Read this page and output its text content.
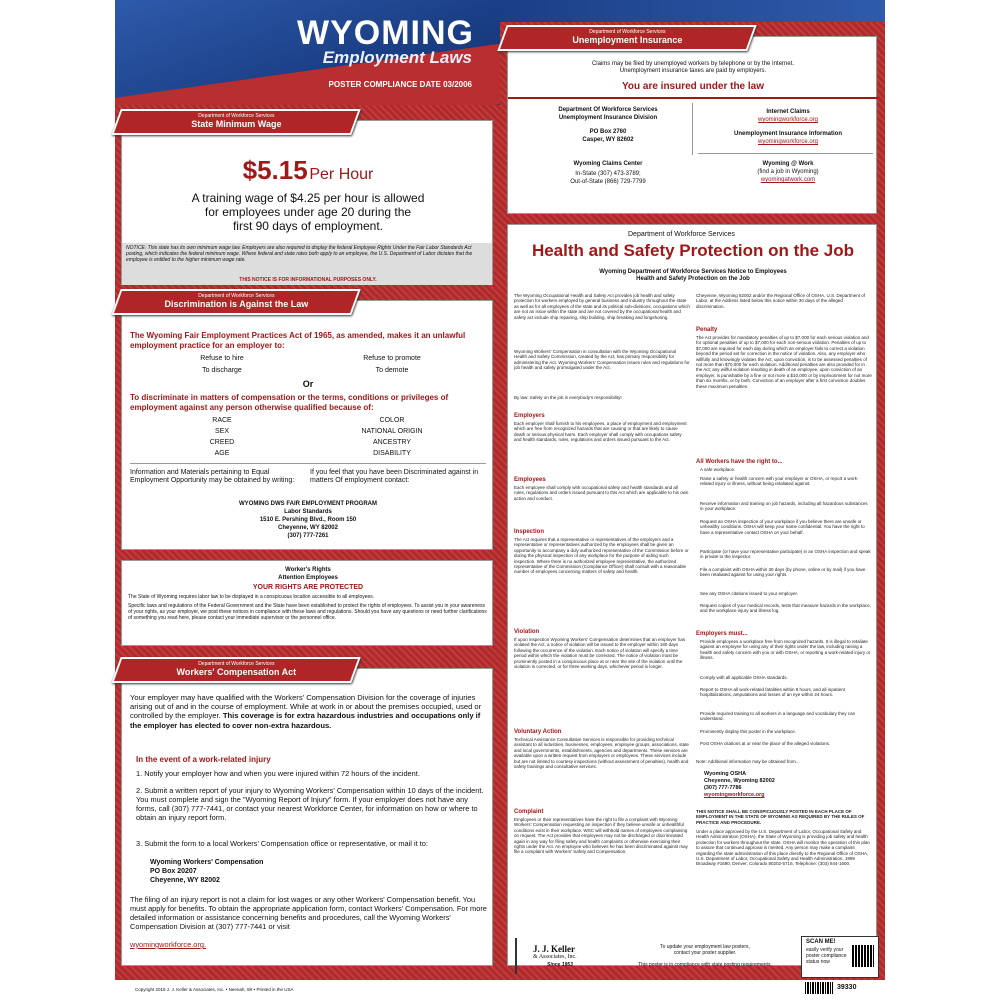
WYOMING
Employment Laws
POSTER COMPLIANCE DATE 03/2006
Department of Workforce Services
Unemployment Insurance
Claims may be filed by unemployed workers by telephone or by the Internet.
Unemployment insurance taxes are paid by employers.
You are insured under the law
Department Of Workforce Services
Unemployment Insurance Division
PO Box 2760
Casper, WY 82602
Wyoming Claims Center
In-State (307) 473-3789;
Out-of-State (866) 729-7799
Internet Claims
wyomingworkforce.org
Unemployment Insurance Information
wyomingworkforce.org
Wyoming @ Work
(find a job in Wyoming)
wyomingatwork.com
Department of Workforce Services
State Minimum Wage
$5.15 Per Hour
A training wage of $4.25 per hour is allowed
for employees under age 20 during the
first 90 days of employment.
NOTICE: This state has its own minimum wage law. Employers are also required to display the federal Employee Rights Under the Fair Labor Standards Act posting, which indicates the federal minimum wage. Where federal and state rates both apply to an employee, the U.S. Department of Labor dictates that the employee is entitled to the higher minimum wage rate.
THIS NOTICE IS FOR INFORMATIONAL PURPOSES ONLY.
Department of Workforce Services
Discrimination is Against the Law
The Wyoming Fair Employment Practices Act of 1965, as amended, makes it an unlawful employment practice for an employer to:
Refuse to hire	Refuse to promote
To discharge	To demote
Or
To discriminate in matters of compensation or the terms, conditions or privileges of employment against any person otherwise qualified because of:
RACE	COLOR
SEX	NATIONAL ORIGIN
CREED	ANCESTRY
AGE	DISABILITY
Information and Materials pertaining to Equal Employment Opportunity may be obtained by writing:
If you feel that you have been Discriminated against in matters Of employment contact:
WYOMING DWS FAIR EMPLOYMENT PROGRAM
Labor Standards
1510 E. Pershing Blvd., Room 150
Cheyenne, WY 82002
(307) 777-7261
Worker's Rights
Attention Employees
YOUR RIGHTS ARE PROTECTED
The State of Wyoming requires labor law to be displayed in a conspicuous location accessible to all employees.
Specific laws and regulations of the Federal Government and the State have been established to protect the rights of employees. To assist you in your awareness of your rights, as your employer, we post these notices in compliance with these laws and regulations. Should you have any questions or need further clarifications of something you read here, please contact your immediate supervisor or the personnel office.
Department of Workforce Services
Workers' Compensation Act
Your employer may have qualified with the Workers' Compensation Division for the coverage of injuries arising out of and in the course of employment. While at work in or about the premises occupied, used or controlled by the employer. This coverage is for extra hazardous industries and occupations only if the employer has elected to cover non-extra hazardous.
In the event of a work-related injury
1. Notify your employer how and when you were injured within 72 hours of the incident.
2. Submit a written report of your injury to Wyoming Workers' Compensation within 10 days of the incident. You must complete and sign the "Wyoming Report of Injury" form. If your employer does not have any forms, call (307) 777-7441, or contact your nearest Workforce Center, for information on how or where to obtain an injury report form.
3. Submit the form to a local Workers' Compensation office or representative, or mail it to:
Wyoming Workers' Compensation
PO Box 20207
Cheyenne, WY 82002
The filing of an injury report is not a claim for lost wages or any other Workers' Compensation benefit. You must apply for benefits. To obtain the appropriate application form, contact Workers' Compensation. For more detailed information or assistance concerning benefits and procedures, call the Wyoming Workers' Compensation Division at (307) 777-7441 or visit
wyomingworkforce.org.
Department of Workforce Services
Health and Safety Protection on the Job
Wyoming Department of Workforce Services Notice to Employees
Health and Safety Protection on the Job
The Wyoming Occupational Health and Safety Act provides job health and safety protection for workers employed by general business and industry throughout the state as well as for all employees of the state and its political sub-divisions, occupations which are not an issue within the state and are not covered by the occupational health and safety act include ship repairing, ship building, ship breaking and longshoring.
Wyoming Workers' Compensation in consultation with the Wyoming Occupational Health and Safety Commission, created by the Act, has primary responsibility for administering the Act. Wyoming Workers' Compensation issues rules and regulations for job health and safety promulgated under the Act.
By law: Safety on the job is everybody's responsibility!
Employers
Each employer shall furnish to his employees, a place of employment and employment which are free from recognized hazards that are causing or that are likely to cause death or serious physical harm. Each employer shall comply with occupations safety and health standards, rules, regulations and orders issued pursuant to the Act.
Employees
Each employee shall comply with occupational safety and health standards and all rules, regulations and orders issued pursuant to this Act which are applicable to his own action and conduct.
Inspection
The Act requires that a representative or representatives of the employers and a representative or representatives authorized by the employees shall be given an opportunity to accompany a duly authorized representative of the Commission before or during the physical inspection of any workplace for the purpose of aiding such inspection. Where there is no authorized employee representative, the authorized representative of the Commission (Compliance Officer) shall consult with a reasonable number of employees concerning matters of safety and health.
Violation
If upon inspection Wyoming Workers' Compensation determines that an employer has violated the Act, a notice of violation will be issued to the employer within 180 days following the occurrence of the violation. Each notice of violation will specify a time period within which the violation must be corrected. The notice of violation must be prominently posted in a conspicuous place at or near the site of the violation until the violation is corrected, or for three working days, whichever period is longer.
Voluntary Action
Technical Assistance Consultative Services is responsible for providing technical assistant to all industries, businesses, employees, employee groups, associations, state and local governments, establishments, agencies and departments. These services are available upon a written request from employers or employees. These services include but are not limited to courtesy inspections (without assessment of penalties), health and safety trainings and consultative services.
Complaint
Employees or their representatives have the right to file a complaint with Wyoming Workers' Compensation requesting an inspection if they believe unsafe or unhealthful conditions exist in their workplace. WSC will withhold names of employees complaining on request. The Act provides that employees may not be discharged or discriminated again in any way for filing safety and health complaints or otherwise exercising their rights under the Act. An employee who believes he has been discriminated against may file a complaint with Workers' Safety and Compensation.
Cheyenne, Wyoming 82002 and/or the Regional Office of OSHA, U.S. Department of Labor, at the Address listed below this notice within 30 days of the alleged discrimination.
Penalty
The Act provides for mandatory penalties of up to $7,000 for each serious violation and for optional penalties of up to $7,000 for each non-serious violation. Penalties of up to $7,000 are required for each day during which an employer fails to correct a violation beyond the period set for correction in the notice of violation. Also, any employer who willfully and knowingly violates the Act, upon conviction, is to be assessed penalties of not more than $70,000 for each violation. Additional penalties are also provided for in the Act; any willful violation resulting in death of an employee, upon conviction of an employer, is punishable by a fine or not more a $10,000 or by imprisonment for not more than six months, or by both. Conviction of an employer after a first conviction doubles these maximum penalties.
All Workers have the right to...
A safe workplace.
Raise a safety or health concern with your employer or OSHA, or report a work-related injury or illness, without being retaliated against.
Receive information and training on job hazards, including all hazardous substances in your workplace.
Request an OSHA inspection of your workplace if you believe there are unsafe or unhealthy conditions. OSHA will keep your name confidential. You have the right to have a representative contact OSHA on your behalf.
Participate (or have your representative participate) in an OSHA inspection and speak in private to the inspector.
File a complaint with OSHA within 30 days (by phone, online or by mail) if you have been retaliated against for using your rights.
See any OSHA citations issued to your employer.
Request copies of your medical records, tests that measure hazards in the workplace, and the workplace injury and illness log.
Employers must...
Provide employees a workplace free from recognized hazards. It is illegal to retaliate against an employee for using any of their rights under the law, including raising a health and safety concern with you or with OSHA, or reporting a work-related injury or illness.
Comply with all applicable OSHA standards.
Report to OSHA all work-related fatalities within 8 hours, and all inpatient hospitalizations, amputations and losses of an eye within 24 hours.
Provide required training to all workers in a language and vocabulary they can understand.
Prominently display this poster in the workplace.
Post OSHA citations at or near the place of the alleged violations.
Note: Additional information may be obtained from...
Wyoming OSHA
Cheyenne, Wyoming 82002
(307) 777-7786
wyomingworkforce.org
THIS NOTICE SHALL BE CONSPICUOUSLY POSTED IN EACH PLACE OF EMPLOYMENT IN THE STATE OF WYOMING AS REQUIRED BY THE RULES OF PRACTICE AND PROCEDURE.
Under a place approved by the U.S. Department of Labor, Occupational Safety and Health Administration (OSHA), the State of Wyoming is providing job safety and health protection for workers throughout the state. OSHA will monitor the operation of this plan to assure that continued approval is merited. Any person may make a complaint regarding the state administration of this place directly to the Regional Office of OSHA, U.S. Department of Labor, Occupational Safety and Health Administration, 1999 Broadway #1690, Denver, Colorado 80202-5716, Telephone: (303) 844-1600.
J. J. Keller
& Associates, Inc.
Since 1953
To update your employment law posters,
contact your poster supplier.
This poster is in compliance with state posting requirements.
SCAN ME!
easily verify your
poster compliance
status now
Copyright 2016 J. J. Keller & Associates, Inc. • Neenah, WI • Printed in the USA	39330
